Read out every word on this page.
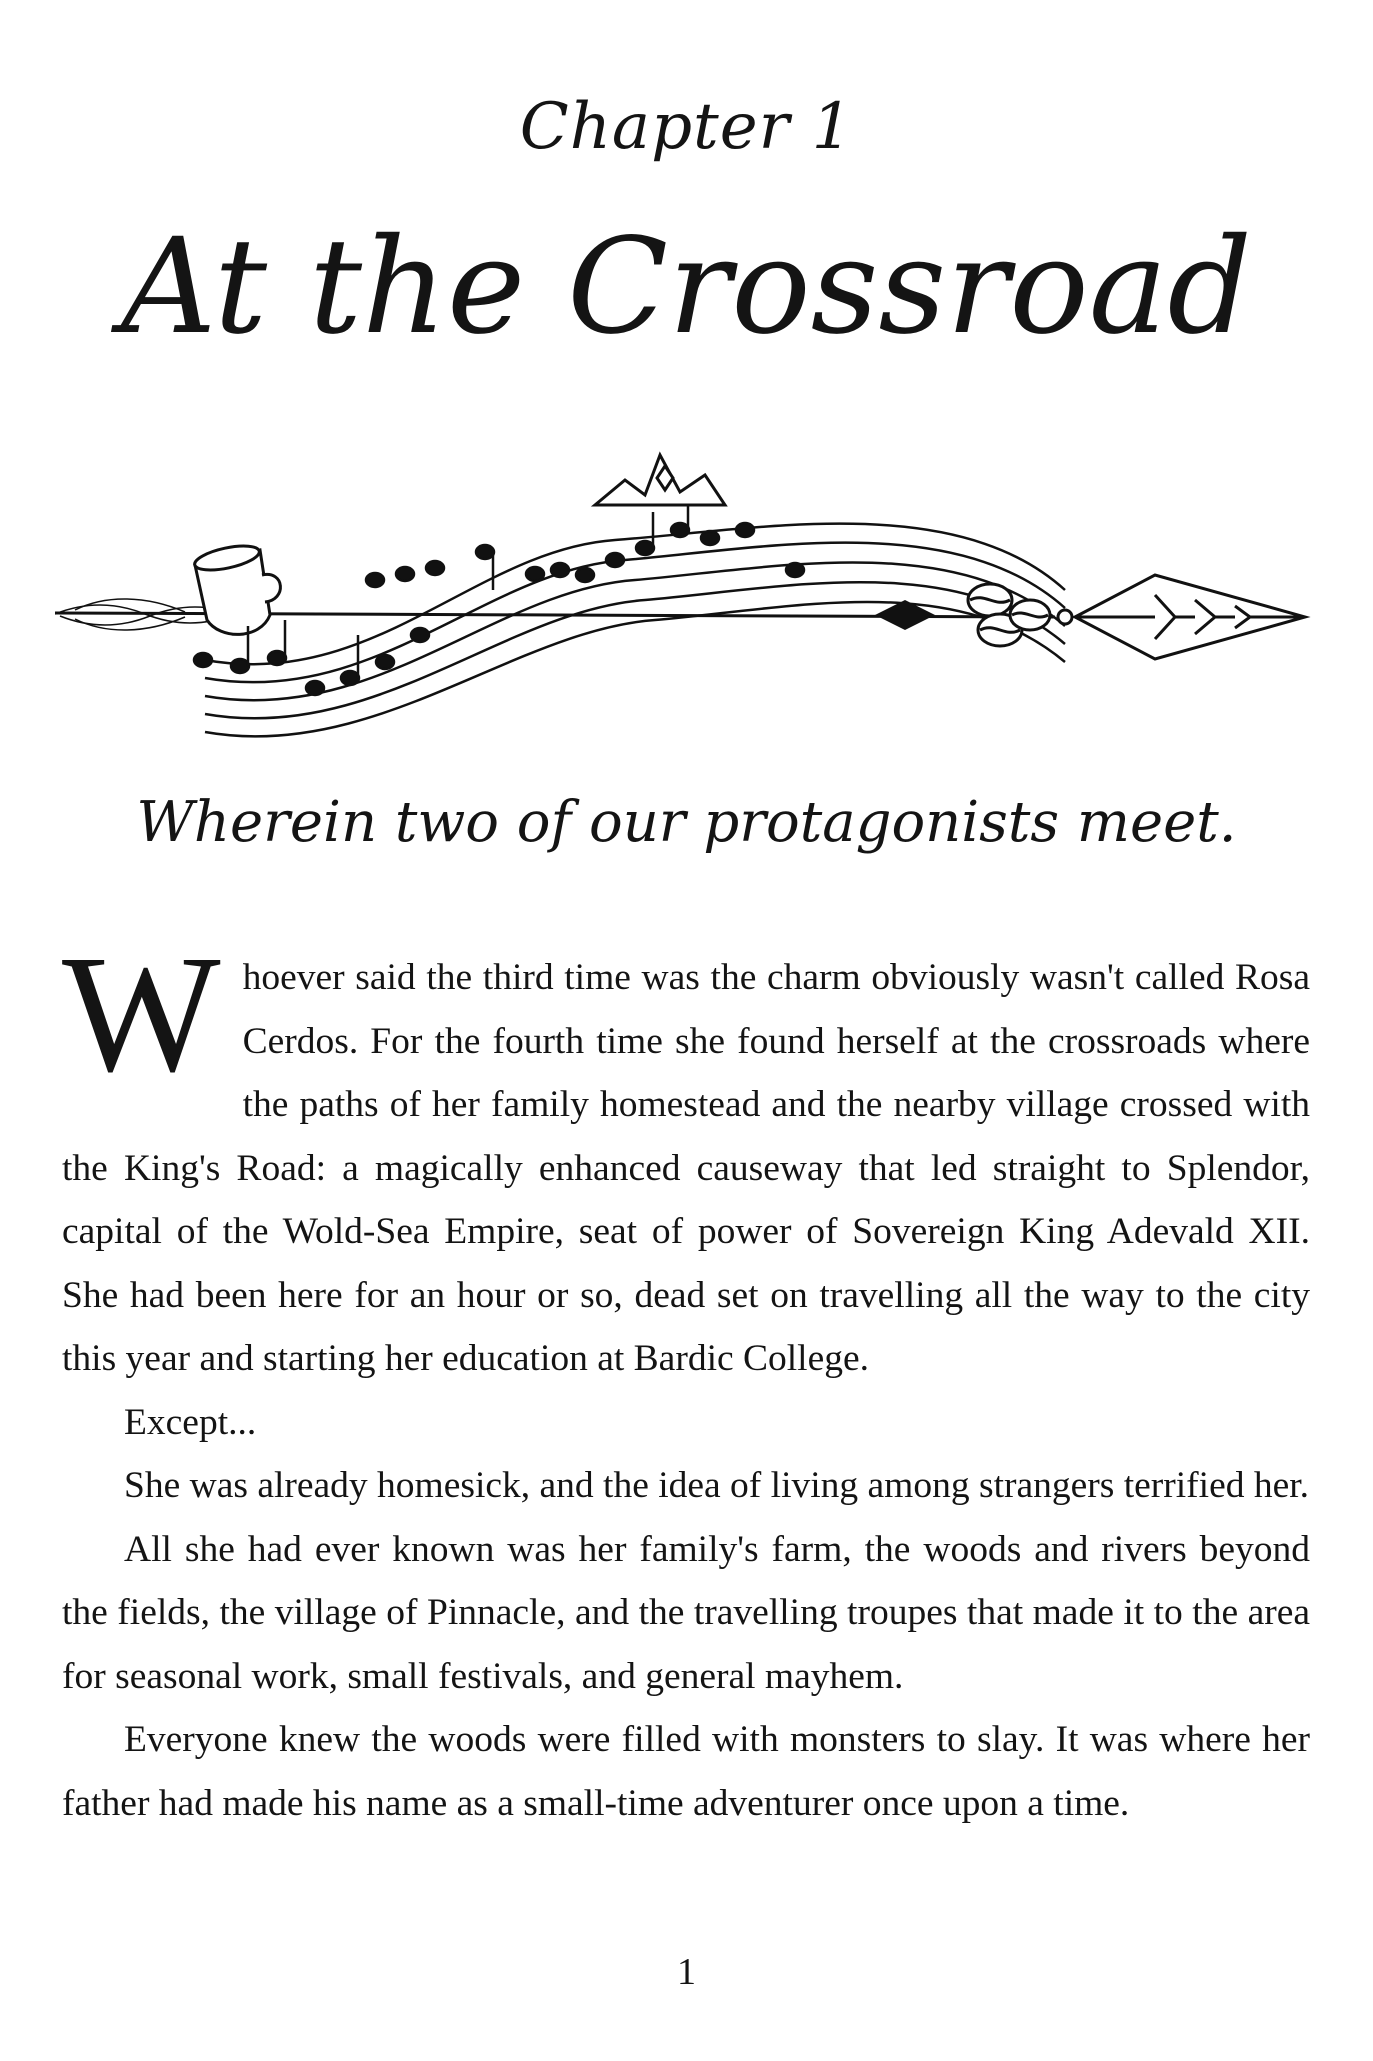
Chapter 1
At the Crossroad
Wherein two of our protagonists meet.

Whoever said the third time was the charm obviously wasn't called Rosa Cerdos. For the fourth time she found herself at the crossroads where the paths of her family homestead and the nearby village crossed with the King's Road: a magically enhanced causeway that led straight to Splendor, capital of the Wold-Sea Empire, seat of power of Sovereign King Adevald XII. She had been here for an hour or so, dead set on travelling all the way to the city this year and starting her education at Bardic College.

Except...

She was already homesick, and the idea of living among strangers terrified her.

All she had ever known was her family's farm, the woods and rivers beyond the fields, the village of Pinnacle, and the travelling troupes that made it to the area for seasonal work, small festivals, and general mayhem.

Everyone knew the woods were filled with monsters to slay. It was where her father had made his name as a small-time adventurer once upon a time.

1
